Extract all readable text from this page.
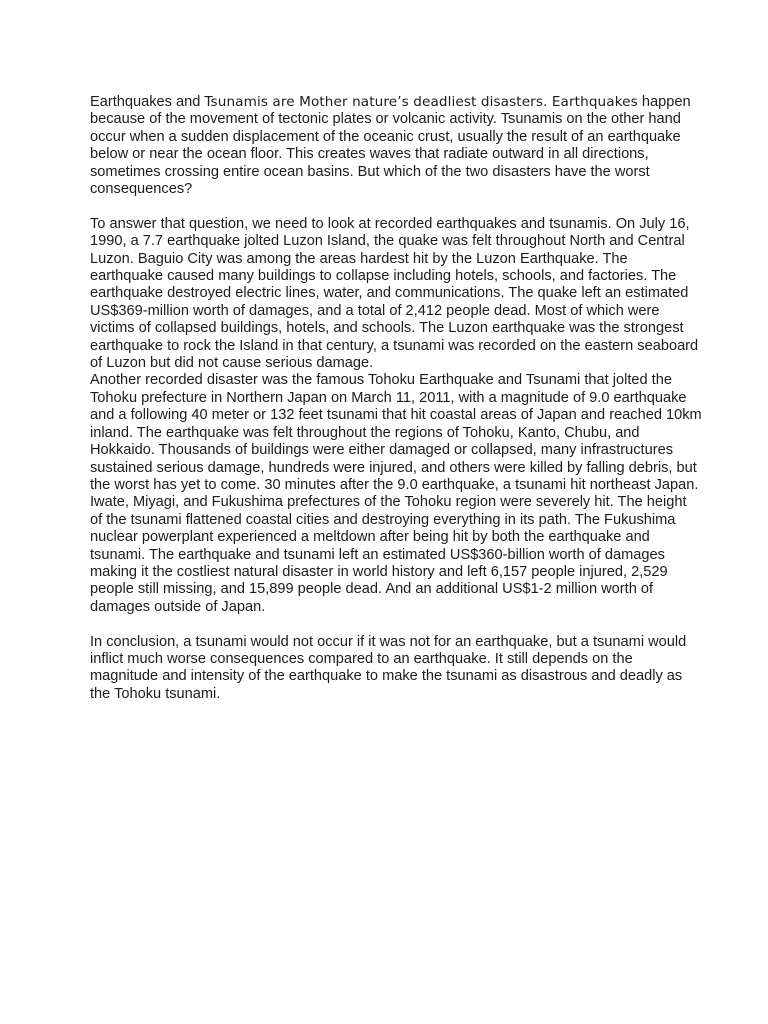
Earthquakes and Tsunamis are Mother nature’s deadliest disasters. Earthquakes happen because of the movement of tectonic plates or volcanic activity. Tsunamis on the other hand occur when a sudden displacement of the oceanic crust, usually the result of an earthquake below or near the ocean floor. This creates waves that radiate outward in all directions, sometimes crossing entire ocean basins. But which of the two disasters have the worst consequences?

To answer that question, we need to look at recorded earthquakes and tsunamis. On July 16, 1990, a 7.7 earthquake jolted Luzon Island, the quake was felt throughout North and Central Luzon. Baguio City was among the areas hardest hit by the Luzon Earthquake. The earthquake caused many buildings to collapse including hotels, schools, and factories. The earthquake destroyed electric lines, water, and communications. The quake left an estimated US$369-million worth of damages, and a total of 2,412 people dead. Most of which were victims of collapsed buildings, hotels, and schools. The Luzon earthquake was the strongest earthquake to rock the Island in that century, a tsunami was recorded on the eastern seaboard of Luzon but did not cause serious damage.

Another recorded disaster was the famous Tohoku Earthquake and Tsunami that jolted the Tohoku prefecture in Northern Japan on March 11, 2011, with a magnitude of 9.0 earthquake and a following 40 meter or 132 feet tsunami that hit coastal areas of Japan and reached 10km inland. The earthquake was felt throughout the regions of Tohoku, Kanto, Chubu, and Hokkaido. Thousands of buildings were either damaged or collapsed, many infrastructures sustained serious damage, hundreds were injured, and others were killed by falling debris, but the worst has yet to come. 30 minutes after the 9.0 earthquake, a tsunami hit northeast Japan. Iwate, Miyagi, and Fukushima prefectures of the Tohoku region were severely hit. The height of the tsunami flattened coastal cities and destroying everything in its path. The Fukushima nuclear powerplant experienced a meltdown after being hit by both the earthquake and tsunami. The earthquake and tsunami left an estimated US$360-billion worth of damages making it the costliest natural disaster in world history and left 6,157 people injured, 2,529 people still missing, and 15,899 people dead. And an additional US$1-2 million worth of damages outside of Japan.

In conclusion, a tsunami would not occur if it was not for an earthquake, but a tsunami would inflict much worse consequences compared to an earthquake. It still depends on the magnitude and intensity of the earthquake to make the tsunami as disastrous and deadly as the Tohoku tsunami.
